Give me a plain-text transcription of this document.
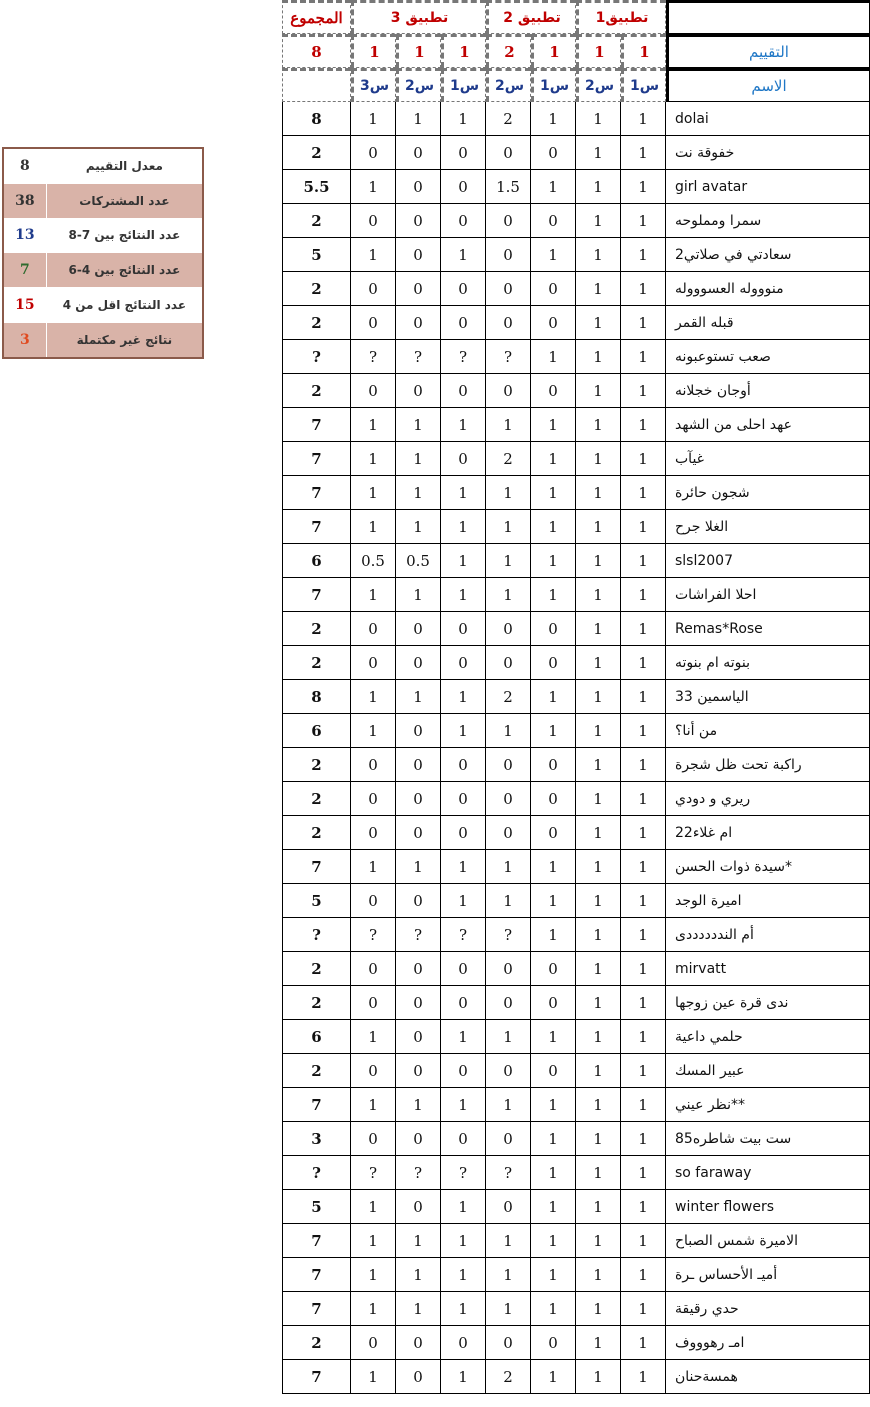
معدل التقييم
8
عدد المشتركات
38
عدد النتائج بين 7-8
13
عدد النتائج بين 4-6
7
عدد النتائج اقل من 4
15
نتائج غير مكتملة
3
المجموع	تطبيق 3	تطبيق 2	تطبيق1
8	1	1	1	2	1	1	1	التقييم
س3	س2	س1	س2	س1	س2	س1	الاسم
8	1	1	1	2	1	1	1	dolai
2	0	0	0	0	0	1	1	خفوقة نت
5.5	1	0	0	1.5	1	1	1	girl avatar
2	0	0	0	0	0	1	1	سمرا ومملوحه
5	1	0	1	0	1	1	1	سعادتي في صلاتي2
2	0	0	0	0	0	1	1	منوووله العسوووله
2	0	0	0	0	0	1	1	قبله القمر
?	?	?	?	?	1	1	1	صعب تستوعبونه
2	0	0	0	0	0	1	1	أوجان خجلانه
7	1	1	1	1	1	1	1	عهد احلى من الشهد
7	1	1	0	2	1	1	1	غيآب
7	1	1	1	1	1	1	1	شجون حائرة
7	1	1	1	1	1	1	1	الغلا جرح
6	0.5	0.5	1	1	1	1	1	slsl2007
7	1	1	1	1	1	1	1	احلا الفراشات
2	0	0	0	0	0	1	1	Remas*Rose
2	0	0	0	0	0	1	1	بنوته ام بنوته
8	1	1	1	2	1	1	1	الياسمين 33
6	1	0	1	1	1	1	1	من أنا؟
2	0	0	0	0	0	1	1	راكبة تحت ظل شجرة
2	0	0	0	0	0	1	1	ريري و دودي
2	0	0	0	0	0	1	1	ام غلاء22
7	1	1	1	1	1	1	1	سيدة ذوات الحسن*
5	0	0	1	1	1	1	1	اميرة الوجد
?	?	?	?	?	1	1	1	أم النددددددى
2	0	0	0	0	0	1	1	mirvatt
2	0	0	0	0	0	1	1	ندى قرة عين زوجها
6	1	0	1	1	1	1	1	حلمي داعية
2	0	0	0	0	0	1	1	عبير المسك
7	1	1	1	1	1	1	1	نظر عيني**
3	0	0	0	0	1	1	1	ست بيت شاطره85
?	?	?	?	?	1	1	1	so faraway
5	1	0	1	0	1	1	1	winter flowers
7	1	1	1	1	1	1	1	الاميرة شمس الصباح
7	1	1	1	1	1	1	1	أميـ الأحساس ـرة
7	1	1	1	1	1	1	1	حدي رقيقة
2	0	0	0	0	0	1	1	امـ رهوووف
7	1	0	1	2	1	1	1	همسةحنان
